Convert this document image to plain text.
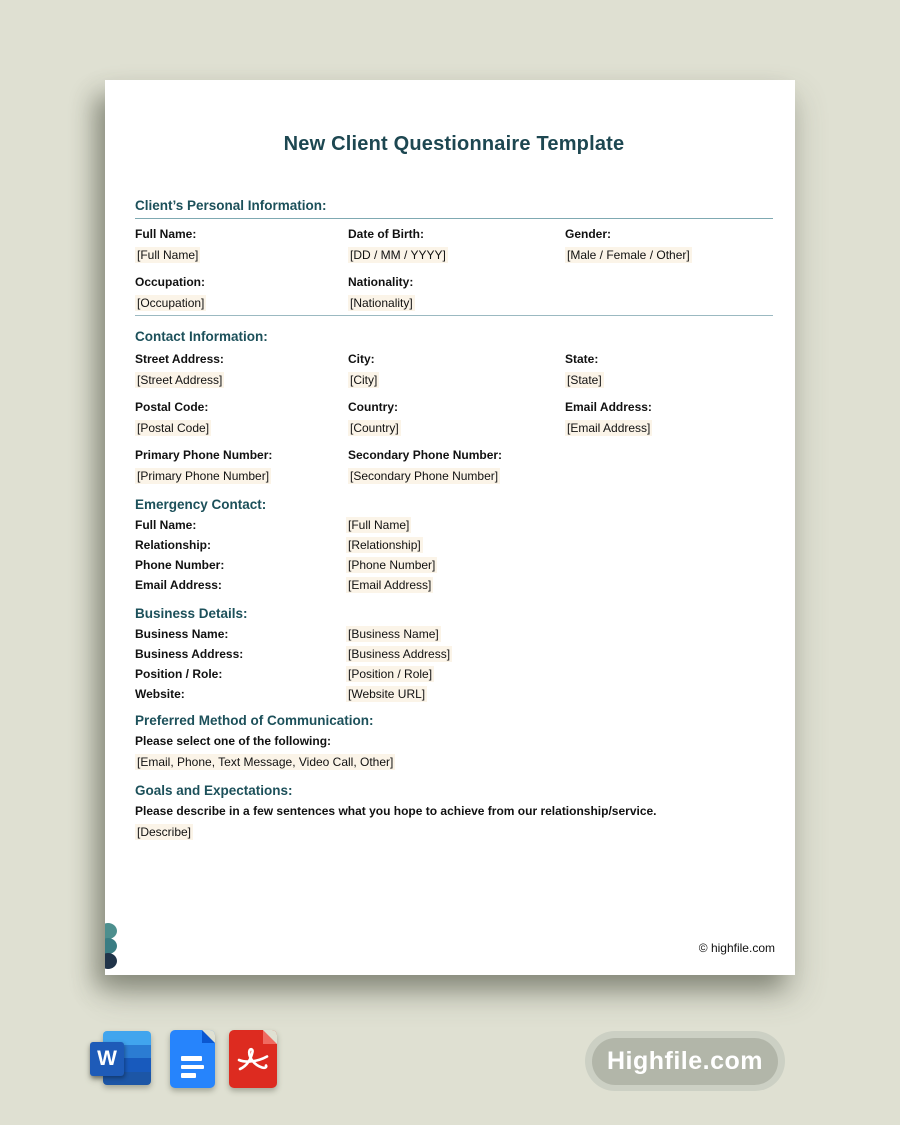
New Client Questionnaire Template
Client’s Personal Information:
Full Name:
[Full Name]
Date of Birth:
[DD / MM / YYYY]
Gender:
[Male / Female / Other]
Occupation:
[Occupation]
Nationality:
[Nationality]
Contact Information:
Street Address:
[Street Address]
City:
[City]
State:
[State]
Postal Code:
[Postal Code]
Country:
[Country]
Email Address:
[Email Address]
Primary Phone Number:
[Primary Phone Number]
Secondary Phone Number:
[Secondary Phone Number]
Emergency Contact:
Full Name:	[Full Name]
Relationship:	[Relationship]
Phone Number:	[Phone Number]
Email Address:	[Email Address]
Business Details:
Business Name:	[Business Name]
Business Address:	[Business Address]
Position / Role:	[Position / Role]
Website:	[Website URL]
Preferred Method of Communication:
Please select one of the following:
[Email, Phone, Text Message, Video Call, Other]
Goals and Expectations:
Please describe in a few sentences what you hope to achieve from our relationship/service.
[Describe]
© highfile.com
W	Highfile.com
